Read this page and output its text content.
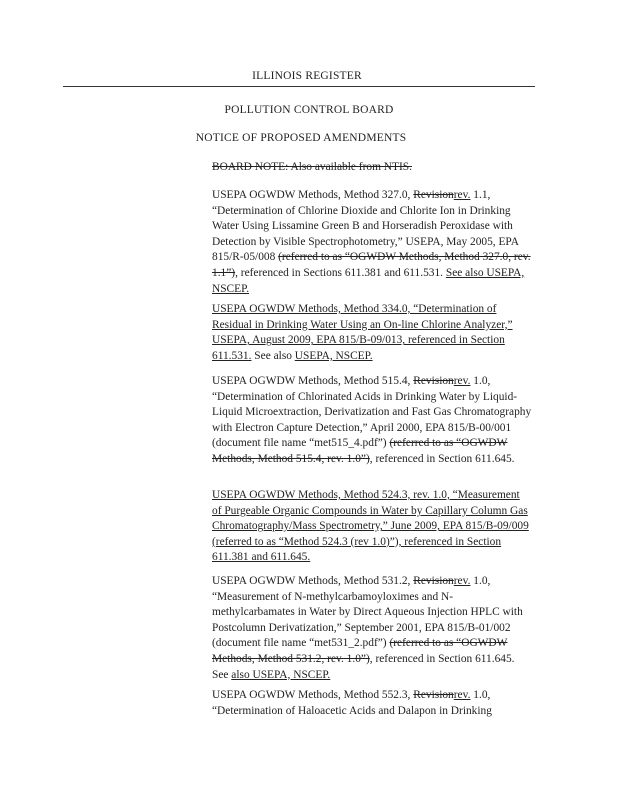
ILLINOIS REGISTER
POLLUTION CONTROL BOARD
NOTICE OF PROPOSED AMENDMENTS

BOARD NOTE: Also available from NTIS.

USEPA OGWDW Methods, Method 327.0, Revisionrev. 1.1, “Determination of Chlorine Dioxide and Chlorite Ion in Drinking Water Using Lissamine Green B and Horseradish Peroxidase with Detection by Visible Spectrophotometry,” USEPA, May 2005, EPA 815/R-05/008 (referred to as “OGWDW Methods, Method 327.0, rev. 1.1”), referenced in Sections 611.381 and 611.531. See also USEPA, NSCEP.

USEPA OGWDW Methods, Method 334.0, “Determination of Residual in Drinking Water Using an On-line Chlorine Analyzer,” USEPA, August 2009, EPA 815/B-09/013, referenced in Section 611.531. See also USEPA, NSCEP.

USEPA OGWDW Methods, Method 515.4, Revisionrev. 1.0, “Determination of Chlorinated Acids in Drinking Water by Liquid-Liquid Microextraction, Derivatization and Fast Gas Chromatography with Electron Capture Detection,” April 2000, EPA 815/B-00/001 (document file name “met515_4.pdf”) (referred to as “OGWDW Methods, Method 515.4, rev. 1.0”), referenced in Section 611.645.

USEPA OGWDW Methods, Method 524.3, rev. 1.0, “Measurement of Purgeable Organic Compounds in Water by Capillary Column Gas Chromatography/Mass Spectrometry,” June 2009, EPA 815/B-09/009 (referred to as “Method 524.3 (rev 1.0)”), referenced in Section 611.381 and 611.645.

USEPA OGWDW Methods, Method 531.2, Revisionrev. 1.0, “Measurement of N-methylcarbamoyloximes and N-methylcarbamates in Water by Direct Aqueous Injection HPLC with Postcolumn Derivatization,” September 2001, EPA 815/B-01/002 (document file name “met531_2.pdf”) (referred to as “OGWDW Methods, Method 531.2, rev. 1.0”), referenced in Section 611.645. See also USEPA, NSCEP.

USEPA OGWDW Methods, Method 552.3, Revisionrev. 1.0, “Determination of Haloacetic Acids and Dalapon in Drinking
